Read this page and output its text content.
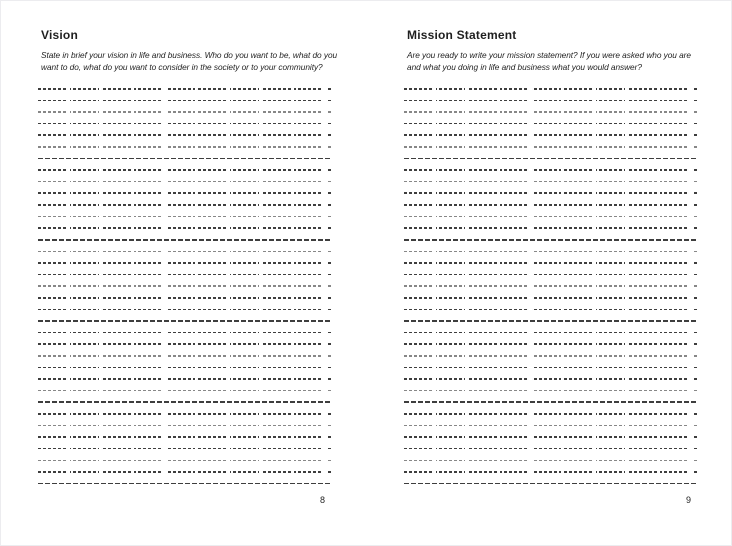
Vision

State in brief your vision in life and business. Who do you want to be, what do you want to do, what do you want to consider in the society or to your community?

8
Mission Statement

Are you ready to write your mission statement? If you were asked who you are and what you doing in life and business what you would answer?

9
